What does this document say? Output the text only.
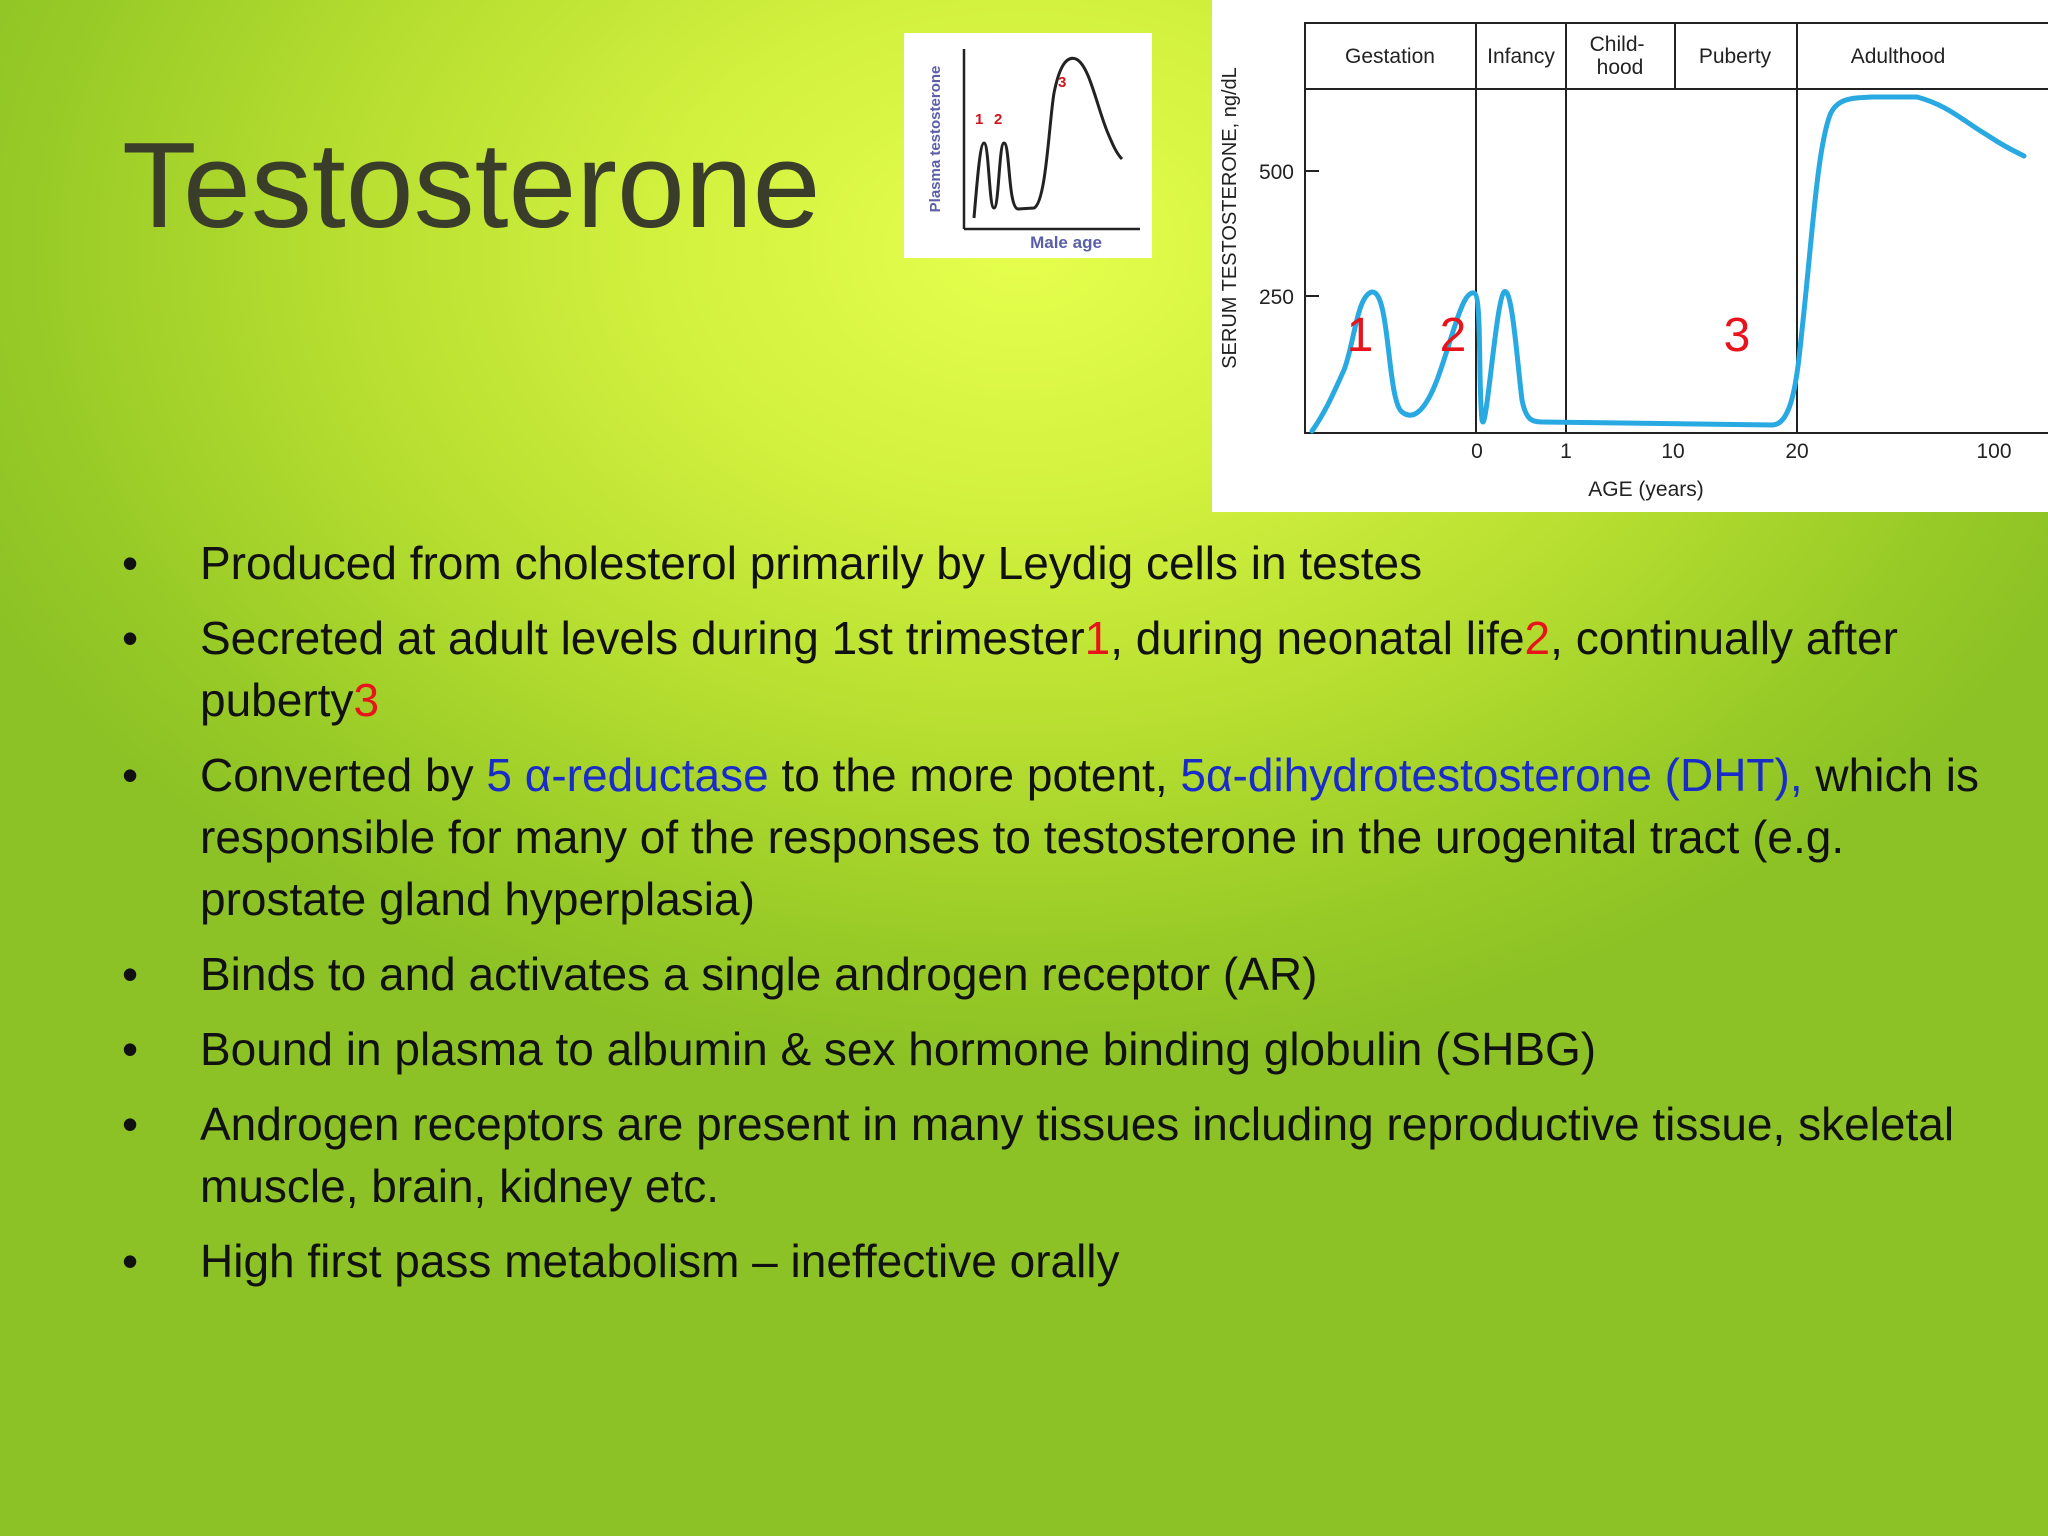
Testosterone	Plasma testosterone
Male age
1 2
3
Gestation Infancy
Child- hood	Puberty	Adulthood
500
250
0	1	10	20	100
AGE (years)
SERUM TESTOSTERONE, ng/dL 1 2	3
• Produced from cholesterol primarily by Leydig cells in testes
• Secreted at adult levels during 1st trimester1, during neonatal life2, continually after puberty3
• Converted by 5 α-reductase to the more potent, 5α-dihydrotestosterone (DHT), which is responsible for many of the responses to testosterone in the urogenital tract (e.g. prostate gland hyperplasia)
• Binds to and activates a single androgen receptor (AR)
• Bound in plasma to albumin & sex hormone binding globulin (SHBG)
• Androgen receptors are present in many tissues including reproductive tissue, skeletal muscle, brain, kidney etc.
• High first pass metabolism – ineffective orally
